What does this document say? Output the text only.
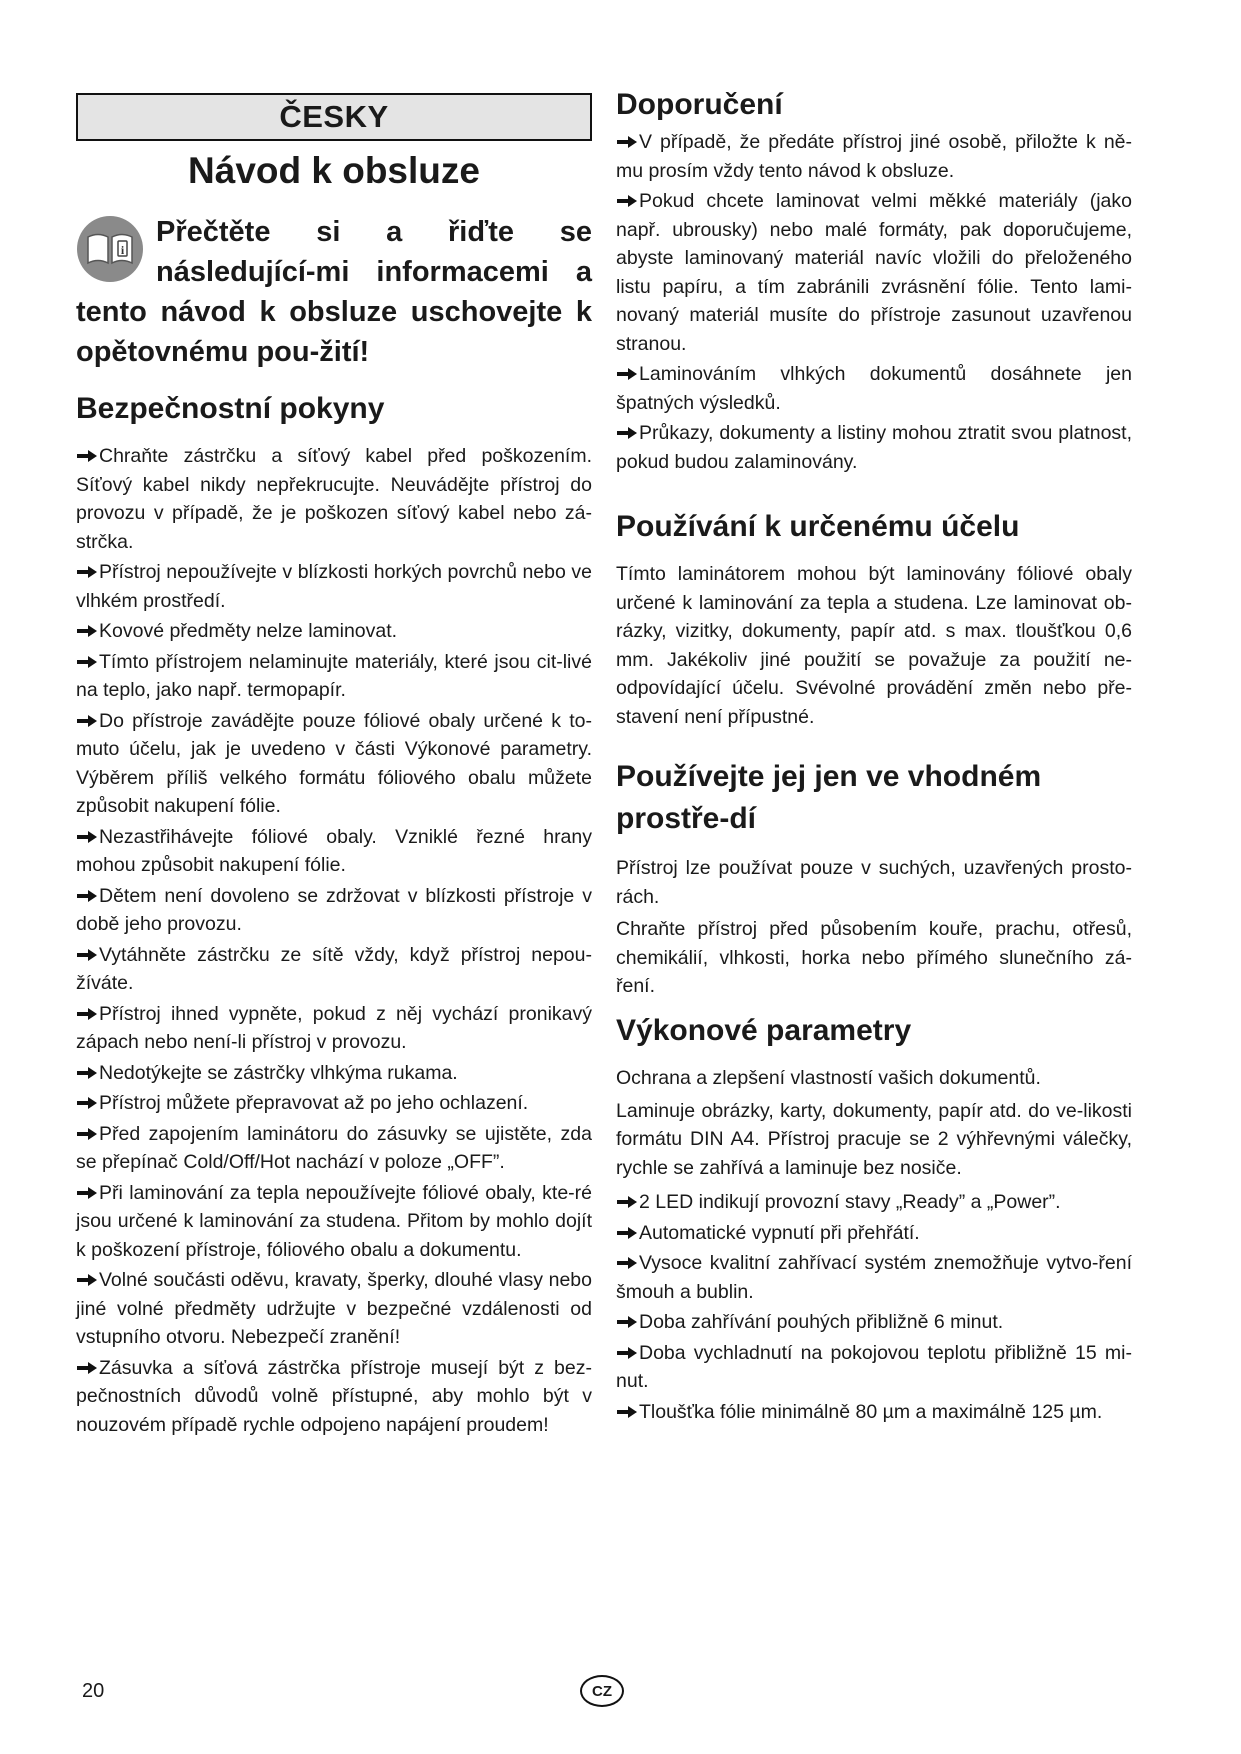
ČESKY
Návod k obsluze
i

Přečtěte si a řiďte se následující-mi informacemi a tento návod k obsluze uschovejte k opětovnému pou-žití!

Bezpečnostní pokyny

Chraňte zástrčku a síťový kabel před poškozením. Síťový kabel nikdy nepřekrucujte. Neuvádějte přístroj do provozu v případě, že je poškozen síťový kabel nebo zá-strčka.

Přístroj nepoužívejte v blízkosti horkých povrchů nebo ve vlhkém prostředí.

Kovové předměty nelze laminovat.

Tímto přístrojem nelaminujte materiály, které jsou cit-livé na teplo, jako např. termopapír.

Do přístroje zavádějte pouze fóliové obaly určené k to-muto účelu, jak je uvedeno v části Výkonové parametry. Výběrem příliš velkého formátu fóliového obalu můžete způsobit nakupení fólie.

Nezastřihávejte fóliové obaly. Vzniklé řezné hrany mohou způsobit nakupení fólie.

Dětem není dovoleno se zdržovat v blízkosti přístroje v době jeho provozu.

Vytáhněte zástrčku ze sítě vždy, když přístroj nepou-žíváte.

Přístroj ihned vypněte, pokud z něj vychází pronikavý zápach nebo není-li přístroj v provozu.

Nedotýkejte se zástrčky vlhkýma rukama.

Přístroj můžete přepravovat až po jeho ochlazení.

Před zapojením laminátoru do zásuvky se ujistěte, zda se přepínač Cold/Off/Hot nachází v poloze „OFF”.

Při laminování za tepla nepoužívejte fóliové obaly, kte-ré jsou určené k laminování za studena. Přitom by mohlo dojít k poškození přístroje, fóliového obalu a dokumentu.

Volné součásti oděvu, kravaty, šperky, dlouhé vlasy nebo jiné volné předměty udržujte v bezpečné vzdálenosti od vstupního otvoru. Nebezpečí zranění!

Zásuvka a síťová zástrčka přístroje musejí být z bez-pečnostních důvodů volně přístupné, aby mohlo být v nouzovém případě rychle odpojeno napájení proudem!

Doporučení

V případě, že předáte přístroj jiné osobě, přiložte k ně-mu prosím vždy tento návod k obsluze.

Pokud chcete laminovat velmi měkké materiály (jako např. ubrousky) nebo malé formáty, pak doporučujeme, abyste laminovaný materiál navíc vložili do přeloženého listu papíru, a tím zabránili zvrásnění fólie. Tento lami-novaný materiál musíte do přístroje zasunout uzavřenou stranou.

Laminováním vlhkých dokumentů dosáhnete jen špatných výsledků.

Průkazy, dokumenty a listiny mohou ztratit svou platnost, pokud budou zalaminovány.

Používání k určenému účelu

Tímto laminátorem mohou být laminovány fóliové obaly určené k laminování za tepla a studena. Lze laminovat ob-rázky, vizitky, dokumenty, papír atd. s max. tloušťkou 0,6 mm. Jakékoliv jiné použití se považuje za použití ne-odpovídající účelu. Svévolné provádění změn nebo pře-stavení není přípustné.

Používejte jej jen ve vhodném prostře-dí

Přístroj lze používat pouze v suchých, uzavřených prosto-rách.

Chraňte přístroj před působením kouře, prachu, otřesů, chemikálií, vlhkosti, horka nebo přímého slunečního zá-ření.

Výkonové parametry

Ochrana a zlepšení vlastností vašich dokumentů.

Laminuje obrázky, karty, dokumenty, papír atd. do ve-likosti formátu DIN A4. Přístroj pracuje se 2 výhřevnými válečky, rychle se zahřívá a laminuje bez nosiče.

2 LED indikují provozní stavy „Ready” a „Power”.

Automatické vypnutí při přehřátí.

Vysoce kvalitní zahřívací systém znemožňuje vytvo-ření šmouh a bublin.

Doba zahřívání pouhých přibližně 6 minut.

Doba vychladnutí na pokojovou teplotu přibližně 15 mi-nut.

Tloušťka fólie minimálně 80 µm a maximálně 125 µm.

20	CZ
